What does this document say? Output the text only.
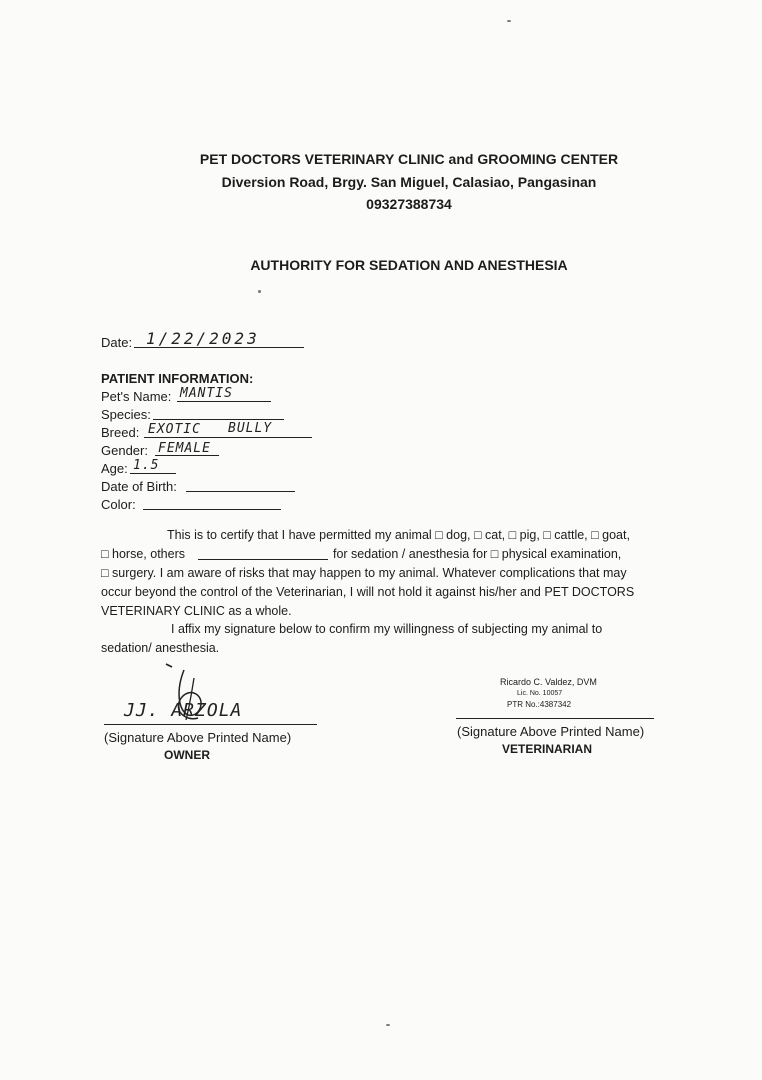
PET DOCTORS VETERINARY CLINIC and GROOMING CENTER
Diversion Road, Brgy. San Miguel, Calasiao, Pangasinan
09327388734
AUTHORITY FOR SEDATION AND ANESTHESIA
Date: 1/22/2023
PATIENT INFORMATION:
Pet's Name: MANTIS
Species:
Breed: EXOTIC BULLY
Gender: FEMALE
Age: 1.5
Date of Birth:
Color:
This is to certify that I have permitted my animal □ dog, □ cat, □ pig, □ cattle, □ goat,
□ horse, others	for sedation / anesthesia for □ physical examination,
□ surgery. I am aware of risks that may happen to my animal. Whatever complications that may
occur beyond the control of the Veterinarian, I will not hold it against his/her and PET DOCTORS
VETERINARY CLINIC as a whole.
I affix my signature below to confirm my willingness of subjecting my animal to
sedation/ anesthesia.
JJ. ARZOLA
(Signature Above Printed Name)
OWNER
Ricardo C. Valdez, DVM
Lic. No. 10057
PTR No.:4387342
(Signature Above Printed Name)
VETERINARIAN
